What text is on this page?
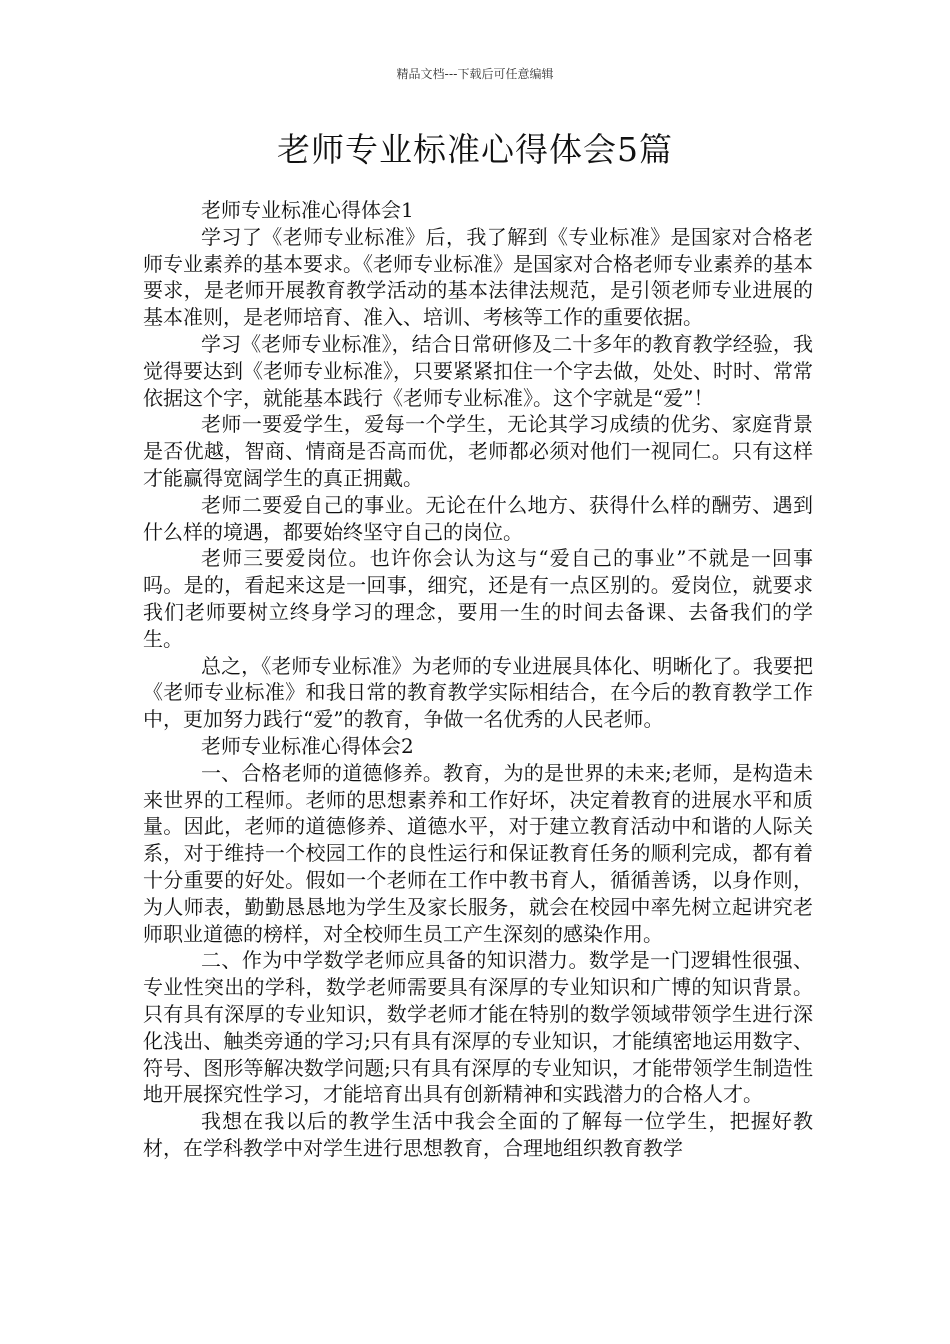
精品文档---下载后可任意编辑
老师专业标准心得体会5篇

老师专业标准心得体会1

学习了《老师专业标准》后，我了解到《专业标准》是国家对合格老师专业素养的基本要求。《老师专业标准》是国家对合格老师专业素养的基本要求，是老师开展教育教学活动的基本法律法规范，是引领老师专业进展的基本准则，是老师培育、准入、培训、考核等工作的重要依据。

学习《老师专业标准》，结合日常研修及二十多年的教育教学经验，我觉得要达到《老师专业标准》，只要紧紧扣住一个字去做，处处、时时、常常依据这个字，就能基本践行《老师专业标准》。这个字就是“爱”！

老师一要爱学生，爱每一个学生，无论其学习成绩的优劣、家庭背景是否优越，智商、情商是否高而优，老师都必须对他们一视同仁。只有这样才能赢得宽阔学生的真正拥戴。

老师二要爱自己的事业。无论在什么地方、获得什么样的酬劳、遇到什么样的境遇，都要始终坚守自己的岗位。

老师三要爱岗位。也许你会认为这与“爱自己的事业”不就是一回事吗。是的，看起来这是一回事，细究，还是有一点区别的。爱岗位，就要求我们老师要树立终身学习的理念，要用一生的时间去备课、去备我们的学生。

总之，《老师专业标准》为老师的专业进展具体化、明晰化了。我要把《老师专业标准》和我日常的教育教学实际相结合，在今后的教育教学工作中，更加努力践行“爱”的教育，争做一名优秀的人民老师。

老师专业标准心得体会2

一、合格老师的道德修养。教育，为的是世界的未来;老师，是构造未来世界的工程师。老师的思想素养和工作好坏，决定着教育的进展水平和质量。因此，老师的道德修养、道德水平，对于建立教育活动中和谐的人际关系，对于维持一个校园工作的良性运行和保证教育任务的顺利完成，都有着十分重要的好处。假如一个老师在工作中教书育人，循循善诱，以身作则，为人师表，勤勤恳恳地为学生及家长服务，就会在校园中率先树立起讲究老师职业道德的榜样，对全校师生员工产生深刻的感染作用。

二、作为中学数学老师应具备的知识潜力。数学是一门逻辑性很强、专业性突出的学科，数学老师需要具有深厚的专业知识和广博的知识背景。只有具有深厚的专业知识，数学老师才能在特别的数学领域带领学生进行深化浅出、触类旁通的学习;只有具有深厚的专业知识，才能缜密地运用数字、符号、图形等解决数学问题;只有具有深厚的专业知识，才能带领学生制造性地开展探究性学习，才能培育出具有创新精神和实践潜力的合格人才。

我想在我以后的教学生活中我会全面的了解每一位学生，把握好教材，在学科教学中对学生进行思想教育，合理地组织教育教学
